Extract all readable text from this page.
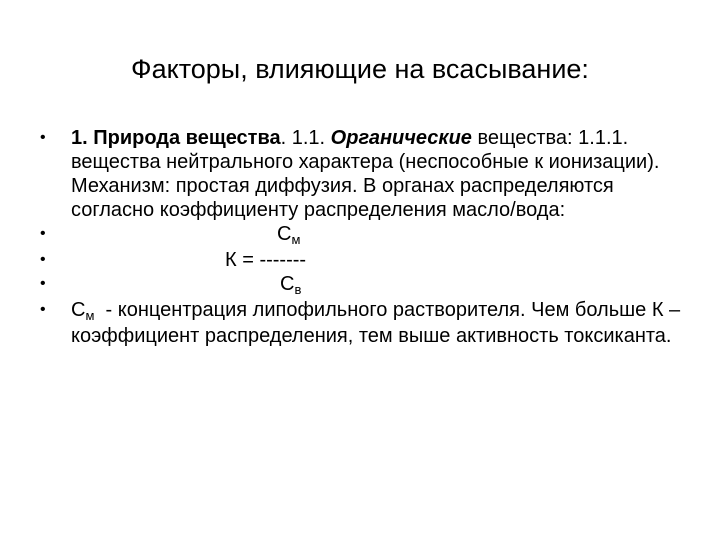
Факторы, влияющие на всасывание:
• 1. Природа вещества. 1.1. Органические вещества: 1.1.1. вещества нейтрального характера (неспособные к ионизации). Механизм: простая диффузия. В органах распределяются согласно коэффициенту распределения масло/вода:
•	$С_м$
•	К = -------
•	$С_в$
• $С_м$  - концентрация липофильного растворителя. Чем больше К – коэффициент распределения, тем выше активность токсиканта.
